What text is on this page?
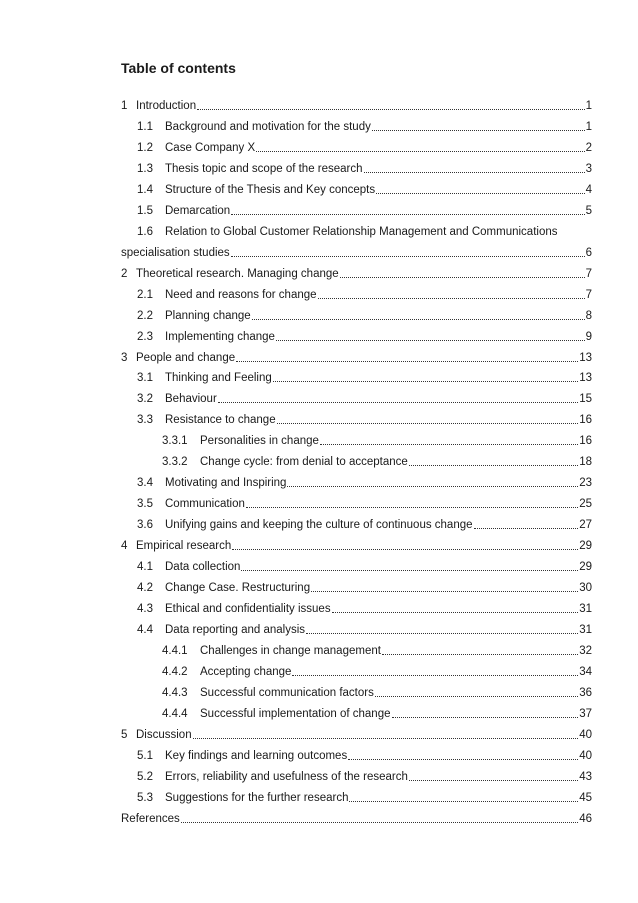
Table of contents
1 Introduction	1
1.1	Background and motivation for the study	1
1.2	Case Company X	2
1.3	Thesis topic and scope of the research	3
1.4	Structure of the Thesis and Key concepts	4
1.5	Demarcation	5
1.6	Relation to Global Customer Relationship Management and Communications
specialisation studies	6
2 Theoretical research. Managing change	7
2.1	Need and reasons for change	7
2.2	Planning change	8
2.3	Implementing change	9
3 People and change	13
3.1	Thinking and Feeling	13
3.2	Behaviour	15
3.3	Resistance to change	16
3.3.1	Personalities in change	16
3.3.2	Change cycle: from denial to acceptance	18
3.4	Motivating and Inspiring	23
3.5	Communication	25
3.6	Unifying gains and keeping the culture of continuous change	27
4 Empirical research	29
4.1	Data collection	29
4.2	Change Case. Restructuring	30
4.3	Ethical and confidentiality issues	31
4.4	Data reporting and analysis	31
4.4.1	Challenges in change management	32
4.4.2	Accepting change	34
4.4.3	Successful communication factors	36
4.4.4	Successful implementation of change	37
5 Discussion	40
5.1	Key findings and learning outcomes	40
5.2	Errors, reliability and usefulness of the research	43
5.3	Suggestions for the further research	45
References	46
